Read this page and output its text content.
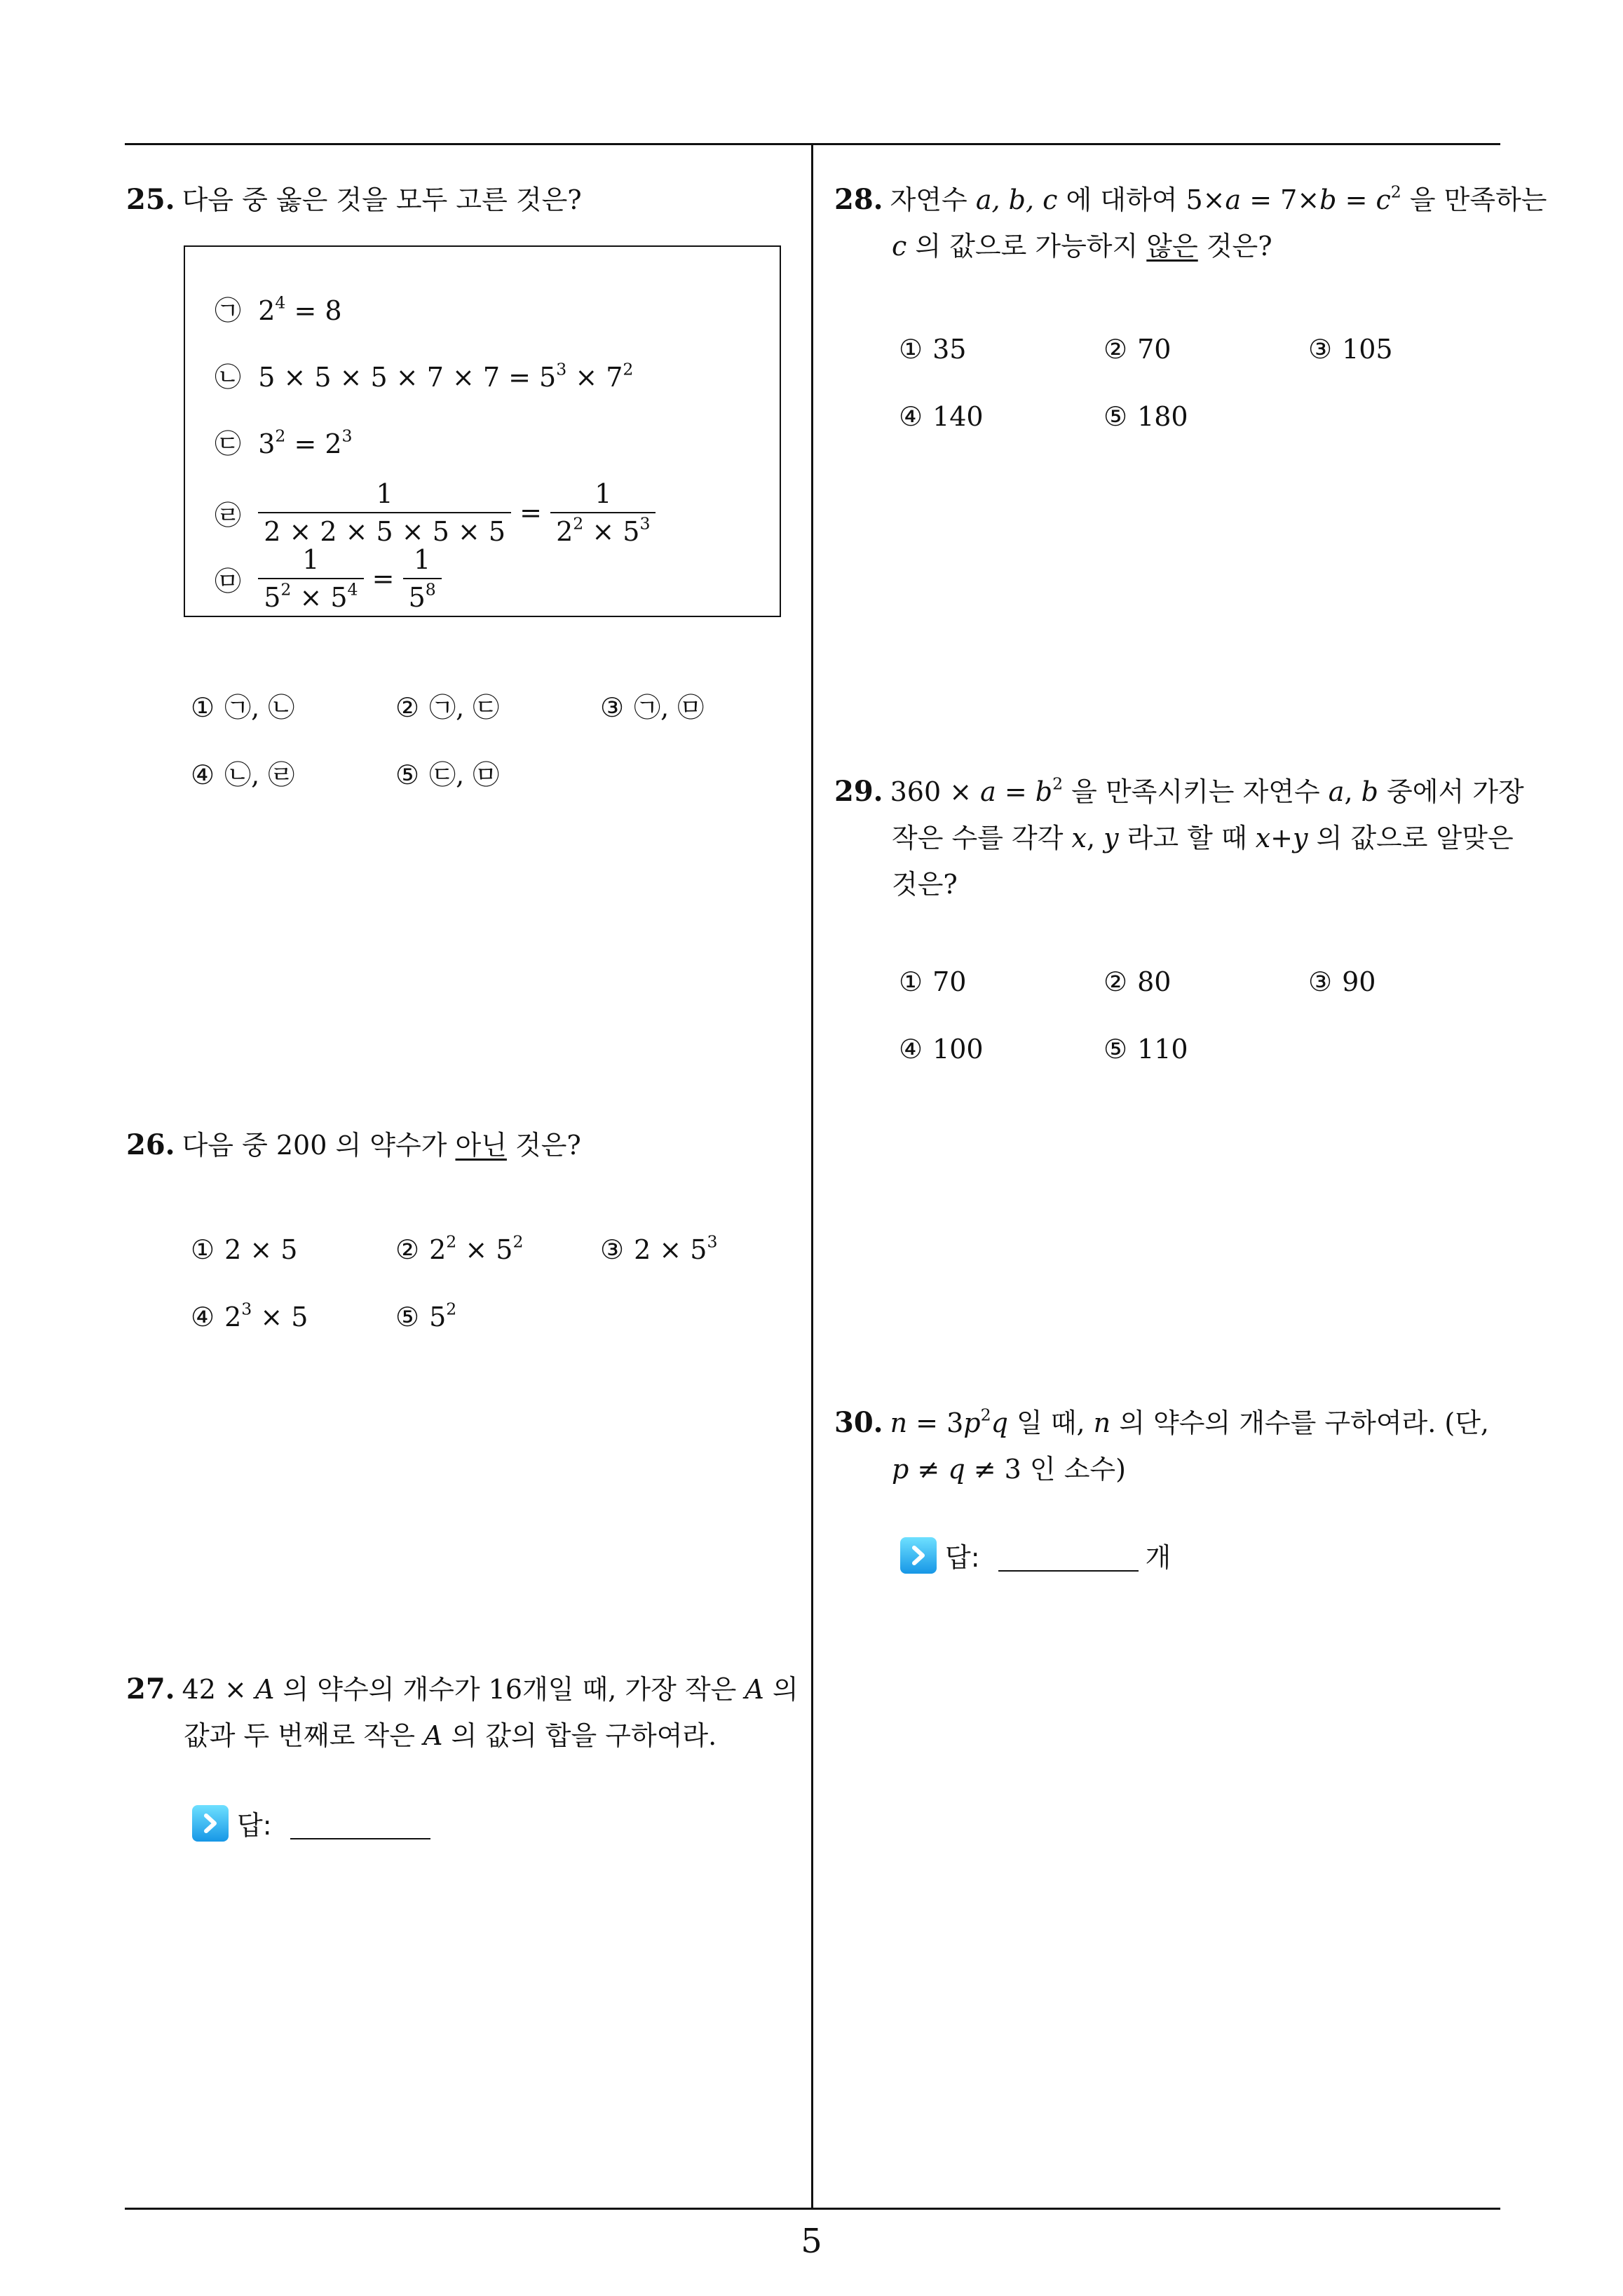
25. 다음 중 옳은 것을 모두 고른 것은?
㉠ $2^4 = 8$
㉡ $5 \times 5 \times 5 \times 7 \times 7 = 5^3 \times 7^2$
㉢ $3^2 = 2^3$
㉣
$\frac{1}{2 \times 2 \times 5 \times 5 \times 5}$
=
$\frac{1}{2^2 \times 5^3}$
㉤
$\frac{1}{5^2 \times 5^4}$
=
$\frac{1}{5^8}$
① ㉠, ㉡	② ㉠, ㉢	③ ㉠, ㉤
④ ㉡, ㉣	⑤ ㉢, ㉤
26. 다음 중 200 의 약수가 아닌 것은?
① 2 × 5	② $2^2 \times 5^2$	③ $2 \times 5^3$
④ $2^3 \times 5$	⑤ $5^2$
27. 42 × A 의 약수의 개수가 16개일 때, 가장 작은 A 의
값과 두 번째로 작은 A 의 값의 합을 구하여라.
답:
28. 자연수 a, b, c 에 대하여 $5\times a = 7\times b = c^2$ 을 만족하는
c 의 값으로 가능하지 않은 것은?
① 35	② 70	③ 105
④ 140	⑤ 180
29. $360 \times a = b^2$ 을 만족시키는 자연수 a, b 중에서 가장
작은 수를 각각 x, y 라고 할 때 x+y 의 값으로 알맞은
것은?
① 70	② 80	③ 90
④ 100	⑤ 110
30. $n = 3p^2q$ 일 때, n 의 약수의 개수를 구하여라. (단,
p ≠ q ≠ 3 인 소수)
답:	개
5
